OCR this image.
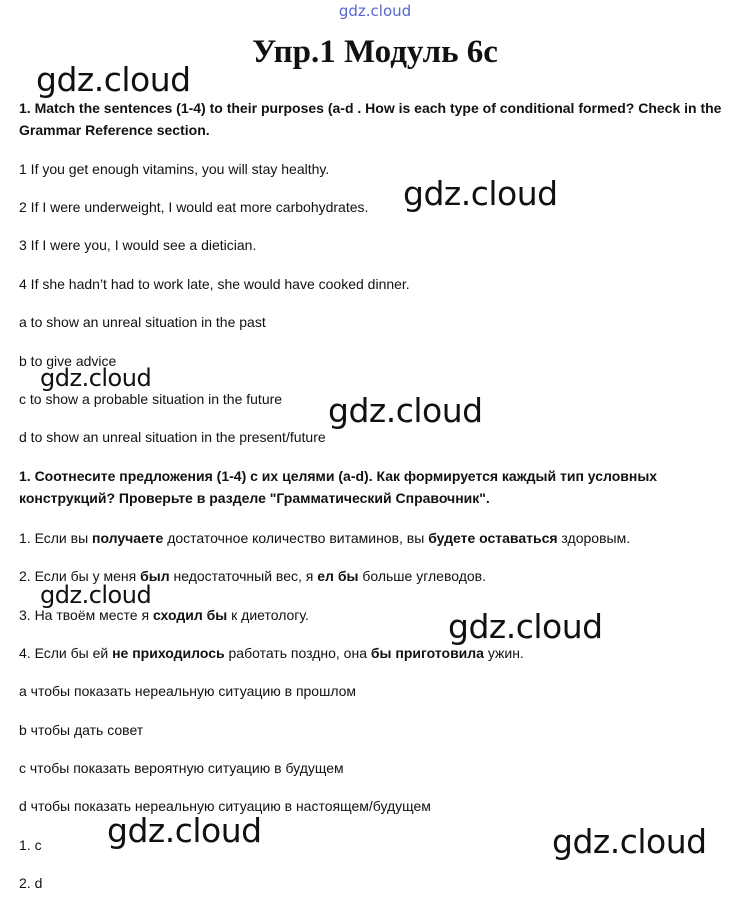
gdz.cloud
Упр.1 Модуль 6c
1. Match the sentences (1-4) to their purposes (a-d . How is each type of conditional formed? Check in the Grammar Reference section.
1 If you get enough vitamins, you will stay healthy.
2 If I were underweight, I would eat more carbohydrates.
3 If I were you, I would see a dietician.
4 If she hadn’t had to work late, she would have cooked dinner.
a to show an unreal situation in the past
b to give advice
c to show a probable situation in the future
d to show an unreal situation in the present/future
1. Соотнесите предложения (1-4) с их целями (a-d). Как формируется каждый тип условных конструкций? Проверьте в разделе "Грамматический Справочник".
1. Если вы получаете достаточное количество витаминов, вы будете оставаться здоровым.
2. Если бы у меня был недостаточный вес, я ел бы больше углеводов.
3. На твоём месте я сходил бы к диетологу.
4. Если бы ей не приходилось работать поздно, она бы приготовила ужин.
a чтобы показать нереальную ситуацию в прошлом
b чтобы дать совет
c чтобы показать вероятную ситуацию в будущем
d чтобы показать нереальную ситуацию в настоящем/будущем
1. c
2. d
gdz.cloud
gdz.cloud
gdz.cloud
gdz.cloud
gdz.cloud
gdz.cloud
gdz.cloud	gdz.cloud
